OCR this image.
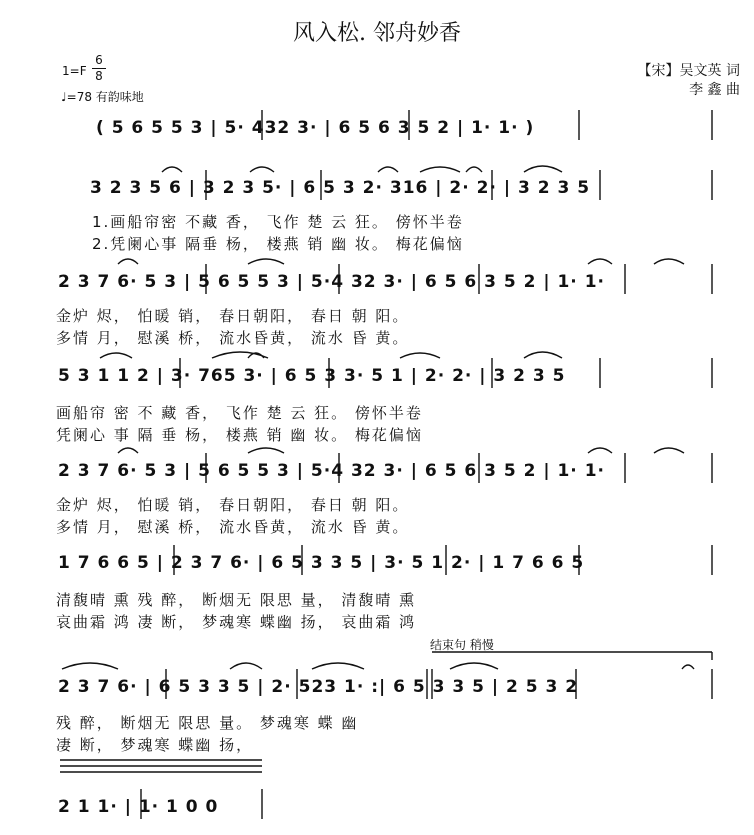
风入松. 邻舟妙香
1=F
6
8
♩=78 有韵味地
【宋】吴文英 词
李 鑫 曲
( 5 6 5 5 3 | 5· 432 3· | 6 5 6 3 5 2 | 1· 1· )
3 2 3 5 6 | 3 2 3 5· | 6 5 3 2· 316 | 2· 2· | 3 2 3 5
2 3 7 6· 5 3 | 5 6 5 5 3 | 5·4 32 3· | 6 5 6 3 5 2 | 1· 1·
5 3 1 1 2 | 3· 765 3· | 6 5 3 3· 5 1 | 2· 2· | 3 2 3 5
2 3 7 6· 5 3 | 5 6 5 5 3 | 5·4 32 3· | 6 5 6 3 5 2 | 1· 1·
1 7 6 6 5 | 2 3 7 6· | 6 5 3 3 5 | 3· 5 1 2· | 1 7 6 6 5
2 3 7 6· | 6 5 3 3 5 | 2· 523 1· :| 6 5 3 3 5 | 2 5 3 2
2 1 1· | 1· 1 0 0
1.画船帘密 不藏 香， 飞作 楚 云 狂。 傍怀半卷
2.凭阑心事 隔垂 杨， 楼燕 销 幽 妆。 梅花偏恼
金炉 烬， 怕暖 销， 春日朝阳， 春日 朝 阳。
多情 月， 慰溪 桥， 流水昏黄， 流水 昏 黄。
画船帘 密 不 藏 香， 飞作 楚 云 狂。 傍怀半卷
凭阑心 事 隔 垂 杨， 楼燕 销 幽 妆。 梅花偏恼
金炉 烬， 怕暖 销， 春日朝阳， 春日 朝 阳。
多情 月， 慰溪 桥， 流水昏黄， 流水 昏 黄。
清馥晴 熏 残 醉， 断烟无 限思 量， 清馥晴 熏
哀曲霜 鸿 凄 断， 梦魂寒 蝶幽 扬， 哀曲霜 鸿
残 醉， 断烟无 限思 量。 梦魂寒 蝶 幽
凄 断， 梦魂寒 蝶幽 扬，
结束句 稍慢
